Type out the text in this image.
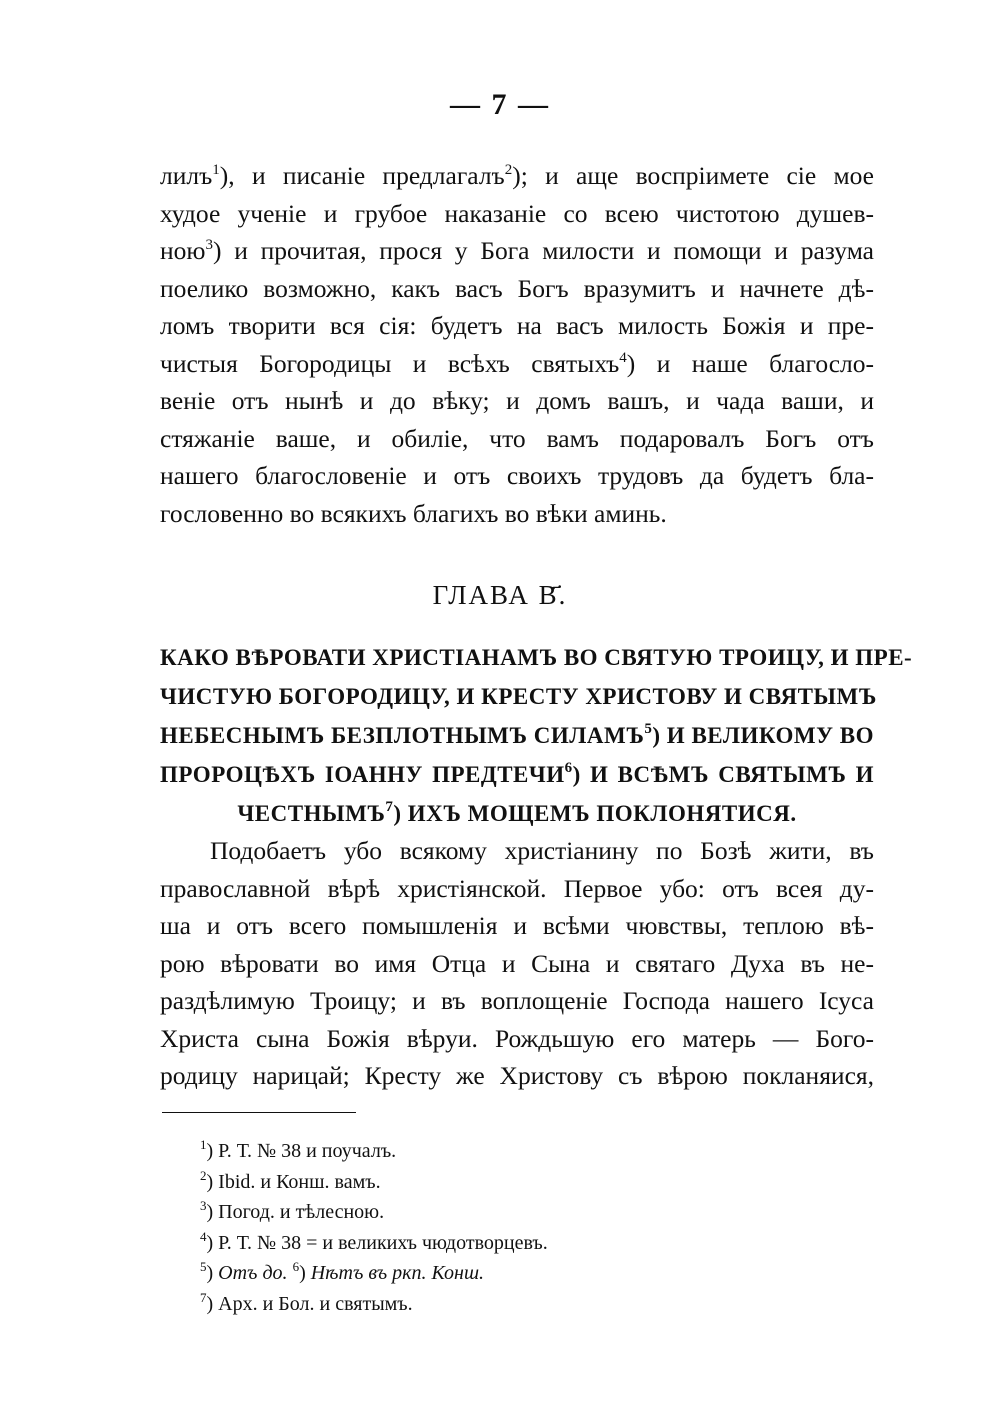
— 7 —
лилъ$^1$), и писаніе предлагалъ$^2$); и аще воспріимете сіе мое
худое ученіе и грубое наказаніе со всею чистотою душев-
ною$^3$) и прочитая, прося у Бога милости и помощи и разума
поелико возможно, какъ васъ Богъ вразумитъ и начнете дѣ-
ломъ творити вся сія: будетъ на васъ милость Божія и пре-
чистыя Богородицы и всѣхъ святыхъ$^4$) и наше благосло-
веніе отъ нынѣ и до вѣку; и домъ вашъ, и чада ваши, и
стяжаніе ваше, и обиліе, что вамъ подаровалъ Богъ отъ
нашего благословеніе и отъ своихъ трудовъ да будетъ бла-
гословенно во всякихъ благихъ во вѣки аминь.
ГЛАВА В҃.
КАКО ВѢРОВАТИ ХРИСТІАНАМЪ ВО СВЯТУЮ ТРОИЦУ, И ПРЕ-
ЧИСТУЮ БОГОРОДИЦУ, И КРЕСТУ ХРИСТОВУ И СВЯТЫМЪ
НЕБЕСНЫМЪ БЕЗПЛОТНЫМЪ СИЛАМЪ$^5$) И ВЕЛИКОМУ ВО
ПРОРОЦѢХЪ ІОАННУ ПРЕДТЕЧИ$^6$) И ВСѢМЪ СВЯТЫМЪ И
ЧЕСТНЫМЪ$^7$) ИХЪ МОЩЕМЪ ПОКЛОНЯТИСЯ.
Подобаетъ убо всякому христіанину по Бозѣ жити, въ
православной вѣрѣ христіянской. Первое убо: отъ всея ду-
ша и отъ всего помышленія и всѣми чювствы, теплою вѣ-
рою вѣровати во имя Отца и Сына и святаго Духа въ не-
раздѣлимую Троицу; и въ воплощеніе Господа нашего Ісуса
Христа сына Божія вѣруи. Рождьшую его матерь — Бого-
родицу нарицай; Кресту же Христову съ вѣрою покланяися,
$^1$) Р. Т. № 38 и поучалъ.
$^2$) Ibid. и Конш. вамъ.
$^3$) Погод. и тѣлесною.
$^4$) Р. Т. № 38 = и великихъ чюдотворцевъ.
$^5$) Отъ до. $^6$) Нѣтъ въ ркп. Конш.
$^7$) Арх. и Бол. и святымъ.
